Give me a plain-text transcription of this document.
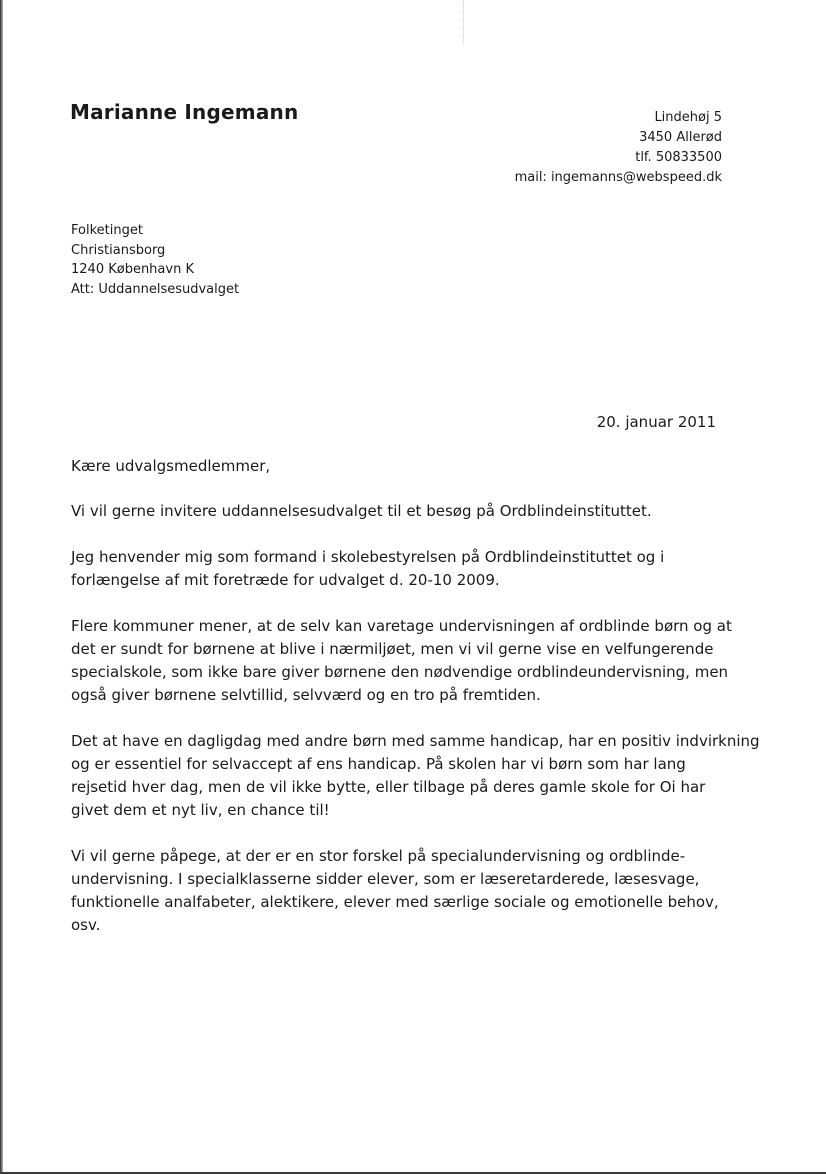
Marianne Ingemann	Lindehøj 5
3450 Allerød
tlf. 50833500
mail: ingemanns@webspeed.dk
Folketinget
Christiansborg
1240 København K
Att: Uddannelsesudvalget
20. januar 2011

Kære udvalgsmedlemmer,

Vi vil gerne invitere uddannelsesudvalget til et besøg på Ordblindeinstituttet.

Jeg henvender mig som formand i skolebestyrelsen på Ordblindeinstituttet og i
forlængelse af mit foretræde for udvalget d. 20-10 2009.

Flere kommuner mener, at de selv kan varetage undervisningen af ordblinde børn og at
det er sundt for børnene at blive i nærmiljøet, men vi vil gerne vise en velfungerende
specialskole, som ikke bare giver børnene den nødvendige ordblindeundervisning, men
også giver børnene selvtillid, selvværd og en tro på fremtiden.

Det at have en dagligdag med andre børn med samme handicap, har en positiv indvirkning
og er essentiel for selvaccept af ens handicap. På skolen har vi børn som har lang
rejsetid hver dag, men de vil ikke bytte, eller tilbage på deres gamle skole for Oi har
givet dem et nyt liv, en chance til!

Vi vil gerne påpege, at der er en stor forskel på specialundervisning og ordblinde-
undervisning. I specialklasserne sidder elever, som er læseretarderede, læsesvage,
funktionelle analfabeter, alektikere, elever med særlige sociale og emotionelle behov,
osv.
